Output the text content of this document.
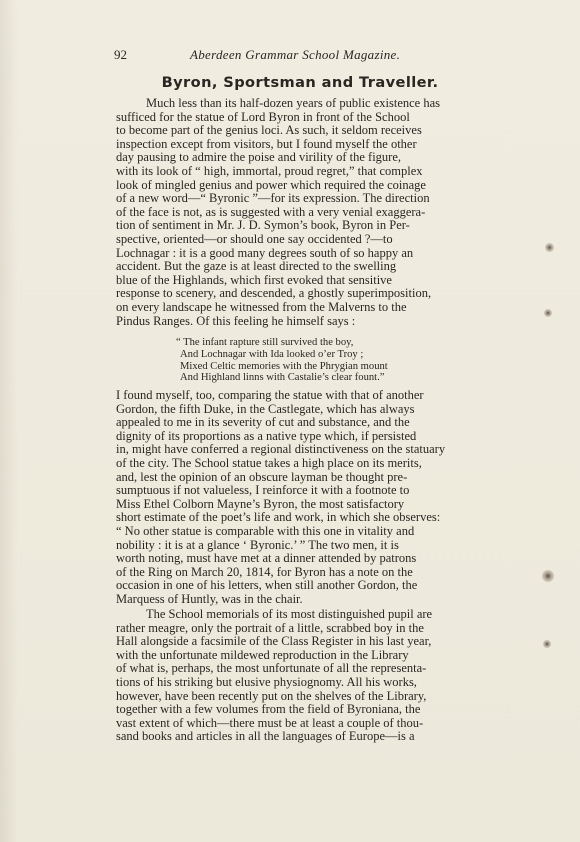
92	Aberdeen Grammar School Magazine.
Byron, Sportsman and Traveller.

Much less than its half-dozen years of public existence has
sufficed for the statue of Lord Byron in front of the School
to become part of the genius loci. As such, it seldom receives
inspection except from visitors, but I found myself the other
day pausing to admire the poise and virility of the figure,
with its look of “ high, immortal, proud regret,” that complex
look of mingled genius and power which required the coinage
of a new word—“ Byronic ”—for its expression. The direction
of the face is not, as is suggested with a very venial exaggera-
tion of sentiment in Mr. J. D. Symon’s book, Byron in Per-
spective, oriented—or should one say occidented ?—to
Lochnagar : it is a good many degrees south of so happy an
accident. But the gaze is at least directed to the swelling
blue of the Highlands, which first evoked that sensitive
response to scenery, and descended, a ghostly superimposition,
on every landscape he witnessed from the Malverns to the
Pindus Ranges. Of this feeling he himself says :

“ The infant rapture still survived the boy,
And Lochnagar with Ida looked o’er Troy ;
Mixed Celtic memories with the Phrygian mount
And Highland linns with Castalie’s clear fount.”

I found myself, too, comparing the statue with that of another
Gordon, the fifth Duke, in the Castlegate, which has always
appealed to me in its severity of cut and substance, and the
dignity of its proportions as a native type which, if persisted
in, might have conferred a regional distinctiveness on the statuary
of the city. The School statue takes a high place on its merits,
and, lest the opinion of an obscure layman be thought pre-
sumptuous if not valueless, I reinforce it with a footnote to
Miss Ethel Colborn Mayne’s Byron, the most satisfactory
short estimate of the poet’s life and work, in which she observes:
“ No other statue is comparable with this one in vitality and
nobility : it is at a glance ‘ Byronic.’ ” The two men, it is
worth noting, must have met at a dinner attended by patrons
of the Ring on March 20, 1814, for Byron has a note on the
occasion in one of his letters, when still another Gordon, the
Marquess of Huntly, was in the chair.

The School memorials of its most distinguished pupil are
rather meagre, only the portrait of a little, scrabbed boy in the
Hall alongside a facsimile of the Class Register in his last year,
with the unfortunate mildewed reproduction in the Library
of what is, perhaps, the most unfortunate of all the representa-
tions of his striking but elusive physiognomy. All his works,
however, have been recently put on the shelves of the Library,
together with a few volumes from the field of Byroniana, the
vast extent of which—there must be at least a couple of thou-
sand books and articles in all the languages of Europe—is a
